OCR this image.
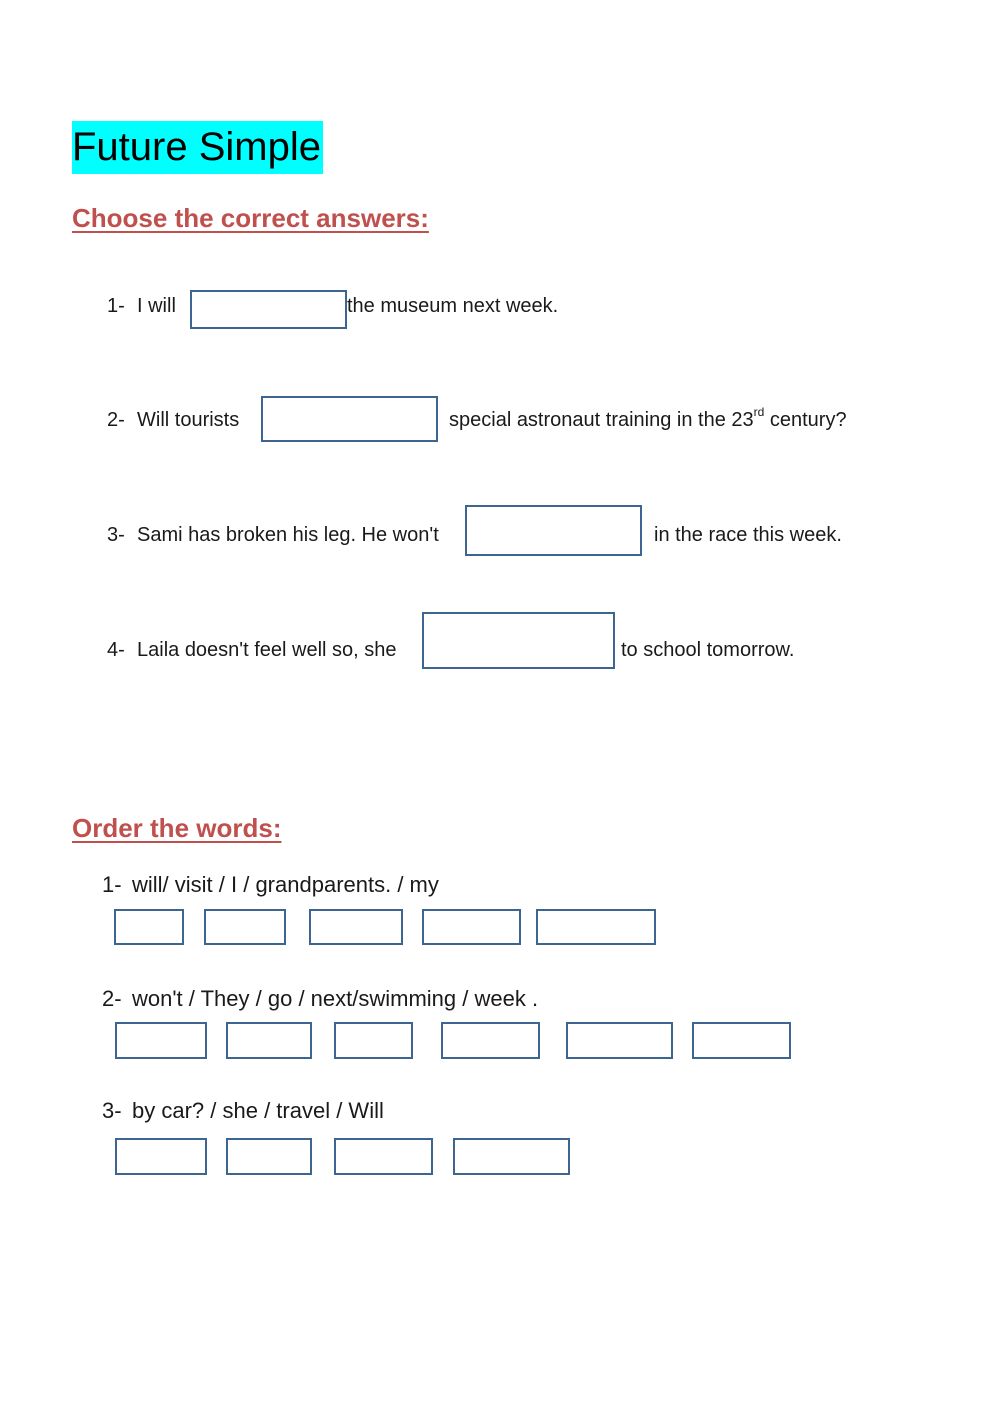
Future Simple
Choose the correct answers:
1- I will	the museum next week.
2- Will tourists	special astronaut training in the 23rd century?
3- Sami has broken his leg. He won't	in the race this week.
4- Laila doesn't feel well so, she	to school tomorrow.
Order the words:
1- will/ visit / I / grandparents. / my
2- won't / They / go / next/swimming / week .
3- by car? / she / travel / Will
